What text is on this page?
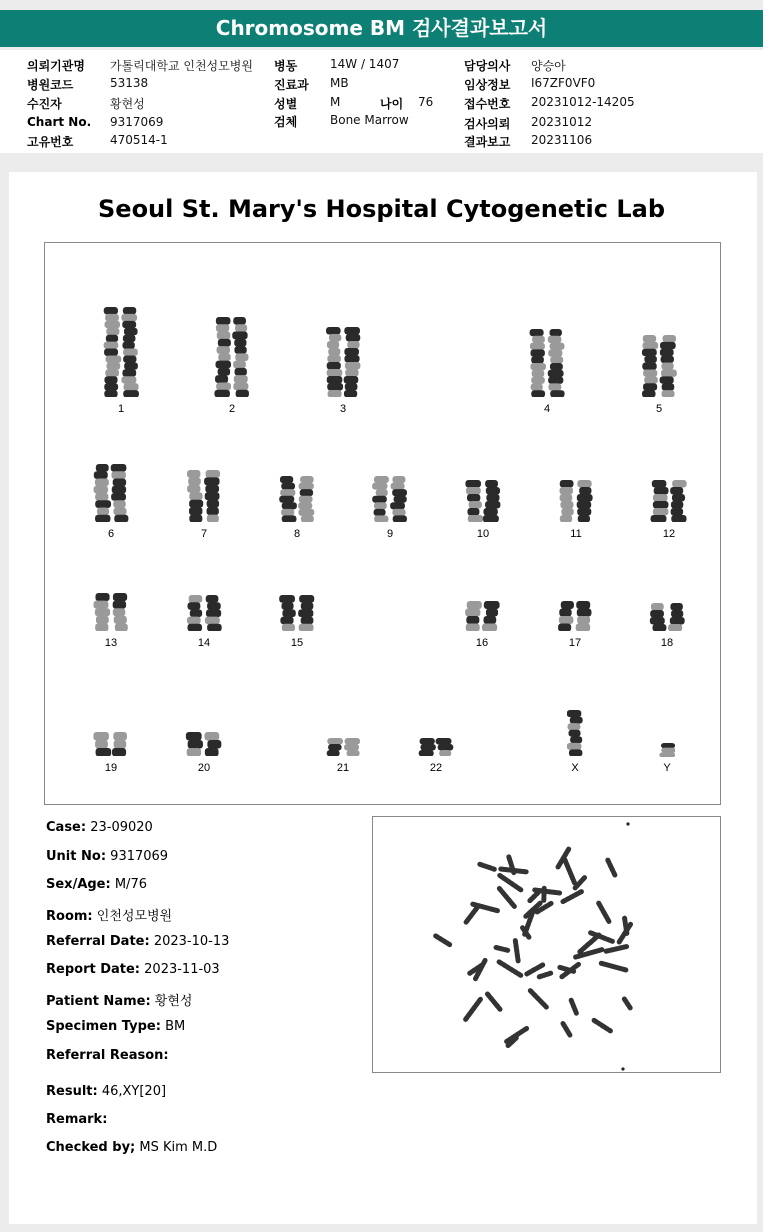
Chromosome BM 검사결과보고서
의뢰기관명 가톨릭대학교 인천성모병원
병원코드	53138
수진자	황현성
Chart No. 9317069
고유번호	470514-1
병동	14W / 1407
진료과 MB
성별	M	나이 76
검체	Bone Marrow
담당의사 양승아
임상정보 I67ZF0VF0
접수번호 20231012-14205
검사의뢰 20231012
결과보고 20231106
Seoul St. Mary's Hospital Cytogenetic Lab
1	2	3	4	5
6	7	8	9	10	11	12
13	14	15	16	17	18
19	20	21	22	X	Y
Case: 23-09020
Unit No: 9317069
Sex/Age: M/76
Room: 인천성모병원
Referral Date: 2023-10-13
Report Date: 2023-11-03
Patient Name: 황현성
Specimen Type: BM
Referral Reason:
Result: 46,XY[20]
Remark:
Checked by; MS Kim M.D
